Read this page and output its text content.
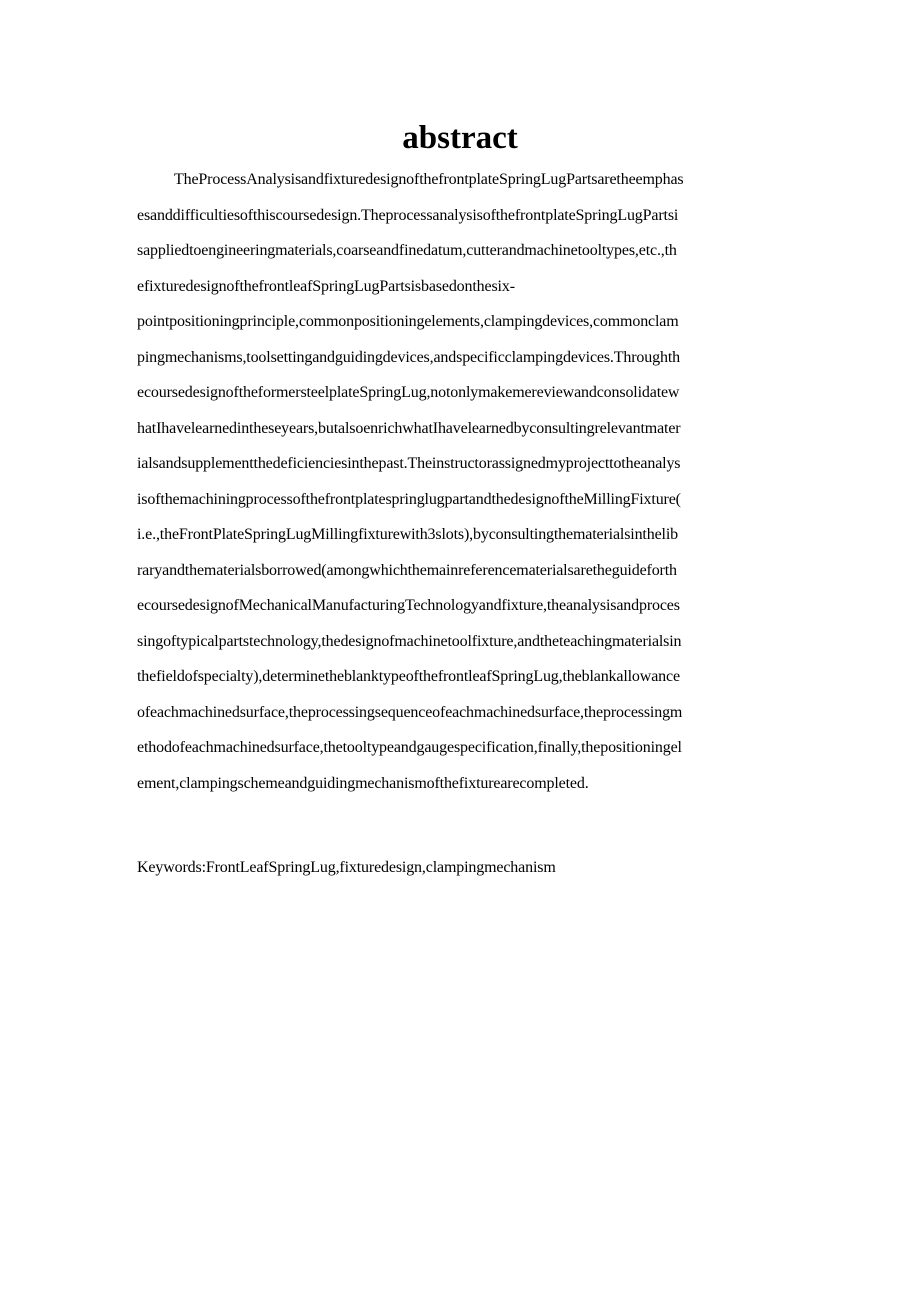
abstract
TheProcessAnalysisandfixturedesignofthefrontplateSpringLugPartsaretheemphas
esanddifficultiesofthiscoursedesign.TheprocessanalysisofthefrontplateSpringLugPartsi
sappliedtoengineeringmaterials,coarseandfinedatum,cutterandmachinetooltypes,etc.,th
efixturedesignofthefrontleafSpringLugPartsisbasedonthesix-
pointpositioningprinciple,commonpositioningelements,clampingdevices,commonclam
pingmechanisms,toolsettingandguidingdevices,andspecificclampingdevices.Throughth
ecoursedesignoftheformersteelplateSpringLug,notonlymakemereviewandconsolidatew
hatIhavelearnedintheseyears,butalsoenrichwhatIhavelearnedbyconsultingrelevantmater
ialsandsupplementthedeficienciesinthepast.Theinstructorassignedmyprojecttotheanalys
isofthemachiningprocessofthefrontplatespringlugpartandthedesignoftheMillingFixture(
i.e.,theFrontPlateSpringLugMillingfixturewith3slots),byconsultingthematerialsinthelib
raryandthematerialsborrowed(amongwhichthemainreferencematerialsaretheguideforth
ecoursedesignofMechanicalManufacturingTechnologyandfixture,theanalysisandproces
singoftypicalpartstechnology,thedesignofmachinetoolfixture,andtheteachingmaterialsin
thefieldofspecialty),determinetheblanktypeofthefrontleafSpringLug,theblankallowance
ofeachmachinedsurface,theprocessingsequenceofeachmachinedsurface,theprocessingm
ethodofeachmachinedsurface,thetooltypeandgaugespecification,finally,thepositioningel
ement,clampingschemeandguidingmechanismofthefixturearecompleted.
Keywords:FrontLeafSpringLug,fixturedesign,clampingmechanism
